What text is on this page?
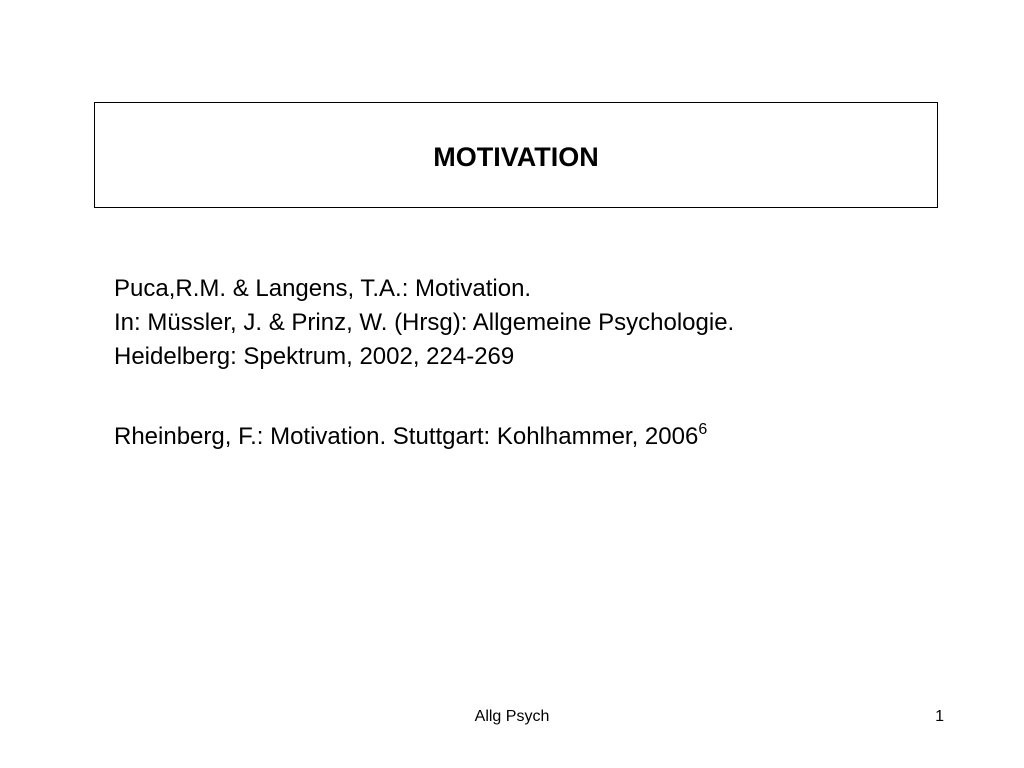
MOTIVATION
Puca,R.M. & Langens, T.A.: Motivation.
In: Müssler, J. & Prinz, W. (Hrsg): Allgemeine Psychologie.
Heidelberg: Spektrum, 2002, 224-269
Rheinberg, F.: Motivation. Stuttgart: Kohlhammer, 2006$^6$
Allg Psych	1
